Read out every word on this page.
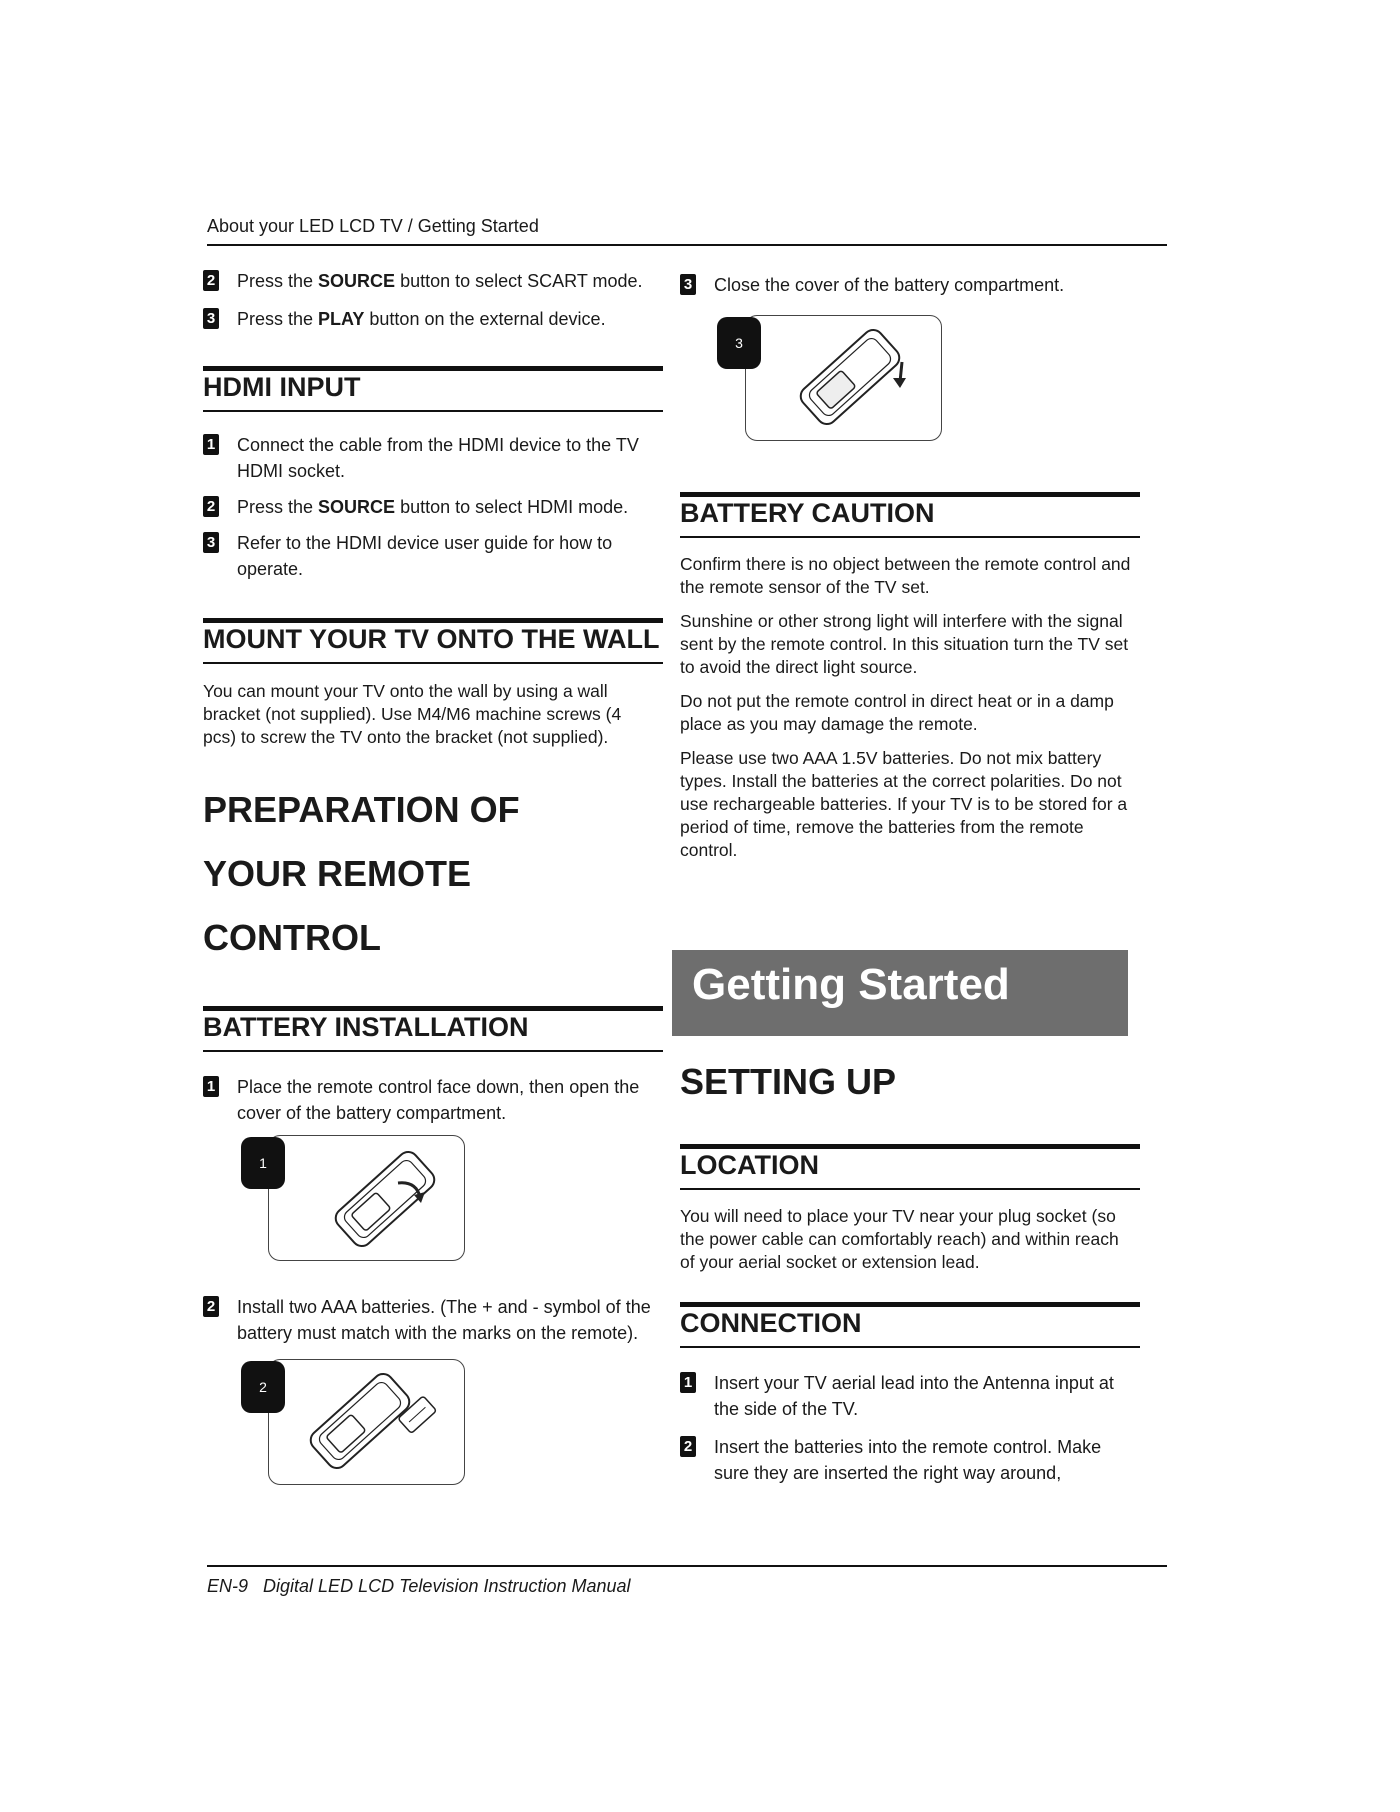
About your LED LCD TV / Getting Started
2 Press the SOURCE button to select SCART mode.
3 Press the PLAY button on the external device.
HDMI INPUT
1 Connect the cable from the HDMI device to the TV HDMI socket.
2 Press the SOURCE button to select HDMI mode.
3 Refer to the HDMI device user guide for how to operate.
MOUNT YOUR TV ONTO THE WALL

You can mount your TV onto the wall by using a wall bracket (not supplied). Use M4/M6 machine screws (4 pcs) to screw the TV onto the bracket (not supplied).

PREPARATION OF
YOUR REMOTE
CONTROL
BATTERY INSTALLATION
1 Place the remote control face down, then open the cover of the battery compartment.
1
2 Install two AAA batteries. (The + and - symbol of the battery must match with the marks on the remote).
2
3 Close the cover of the battery compartment.
3
BATTERY CAUTION

Confirm there is no object between the remote control and the remote sensor of the TV set.

Sunshine or other strong light will interfere with the signal sent by the remote control. In this situation turn the TV set to avoid the direct light source.

Do not put the remote control in direct heat or in a damp place as you may damage the remote.

Please use two AAA 1.5V batteries. Do not mix battery types. Install the batteries at the correct polarities. Do not use rechargeable batteries. If your TV is to be stored for a period of time, remove the batteries from the remote control.

Getting Started
SETTING UP
LOCATION

You will need to place your TV near your plug socket (so the power cable can comfortably reach) and within reach of your aerial socket or extension lead.

CONNECTION
1 Insert your TV aerial lead into the Antenna input at the side of the TV.
2 Insert the batteries into the remote control. Make sure they are inserted the right way around,
EN-9 Digital LED LCD Television Instruction Manual
